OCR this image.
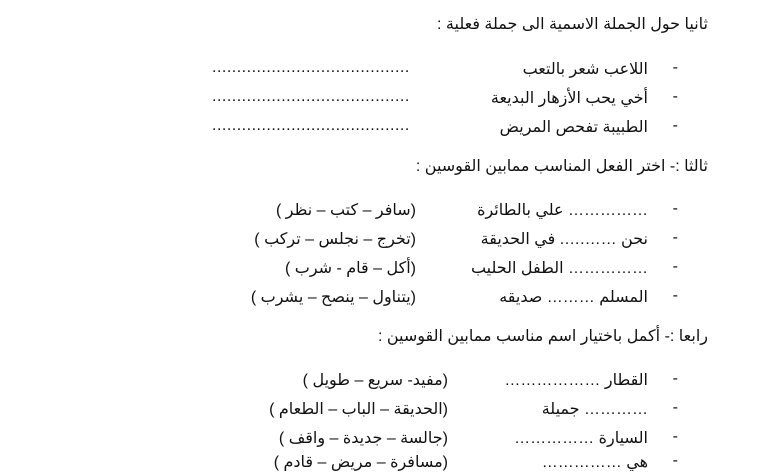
ثانيا حول الجملة الاسمية الى جملة فعلية :
-
اللاعب شعر بالتعب
........................................
-
أخي يحب الأزهار البديعة
........................................
-
الطبيبة تفحص المريض
........................................
ثالثا :- اختر الفعل المناسب ممابين القوسين :
-
…………… علي بالطائرة
(سافر – كتب – نظر )
-
نحن …….…. في الحديقة
(تخرج – نجلس – تركب )
-
…………… الطفل الحليب
(أكل – قام - شرب )
-
المسلم ……… صديقه
(يتناول – ينصح – يشرب )
رابعا :- أكمل باختيار اسم مناسب ممابين القوسين :
-
القطار ………………
(مفيد- سريع – طويل )
-
………… جميلة
(الحديقة – الباب – الطعام )
-
السيارة ……………
(جالسة – جديدة – واقف )
-
هي ……………
(مسافرة – مريض – قادم )
